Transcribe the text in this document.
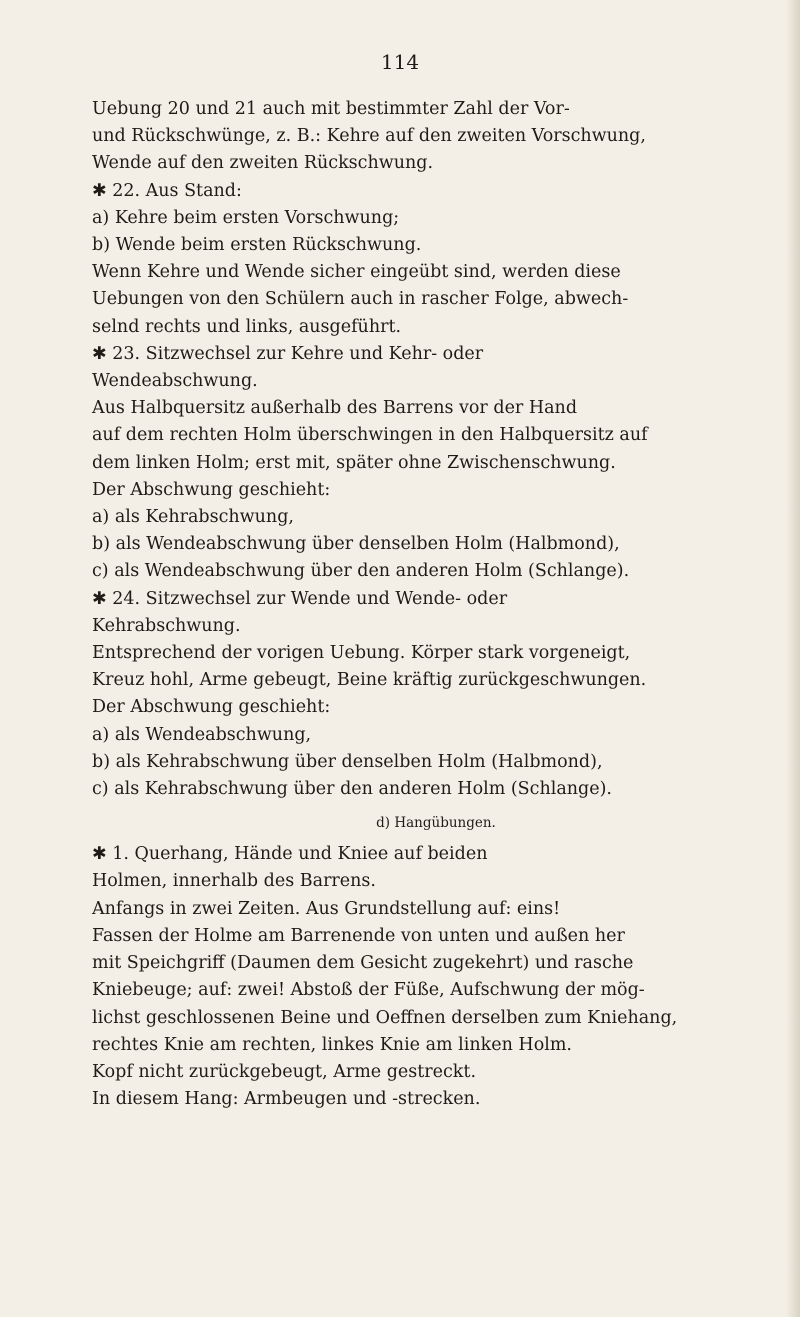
114
Uebung 20 und 21 auch mit bestimmter Zahl der Vor-
und Rückschwünge, z. B.: Kehre auf den zweiten Vorschwung,
Wende auf den zweiten Rückschwung.
✱ 22. Aus Stand:
a) Kehre beim ersten Vorschwung;
b) Wende beim ersten Rückschwung.
Wenn Kehre und Wende sicher eingeübt sind, werden diese
Uebungen von den Schülern auch in rascher Folge, abwech-
selnd rechts und links, ausgeführt.
✱ 23. Sitzwechsel zur Kehre und Kehr- oder
Wendeabschwung.
Aus Halbquersitz außerhalb des Barrens vor der Hand
auf dem rechten Holm überschwingen in den Halbquersitz auf
dem linken Holm; erst mit, später ohne Zwischenschwung.
Der Abschwung geschieht:
a) als Kehrabschwung,
b) als Wendeabschwung über denselben Holm (Halbmond),
c) als Wendeabschwung über den anderen Holm (Schlange).
✱ 24. Sitzwechsel zur Wende und Wende- oder
Kehrabschwung.
Entsprechend der vorigen Uebung. Körper stark vorgeneigt,
Kreuz hohl, Arme gebeugt, Beine kräftig zurückgeschwungen.
Der Abschwung geschieht:
a) als Wendeabschwung,
b) als Kehrabschwung über denselben Holm (Halbmond),
c) als Kehrabschwung über den anderen Holm (Schlange).
d) Hangübungen.
✱ 1. Querhang, Hände und Kniee auf beiden
Holmen, innerhalb des Barrens.
Anfangs in zwei Zeiten. Aus Grundstellung auf: eins!
Fassen der Holme am Barrenende von unten und außen her
mit Speichgriff (Daumen dem Gesicht zugekehrt) und rasche
Kniebeuge; auf: zwei! Abstoß der Füße, Aufschwung der mög-
lichst geschlossenen Beine und Oeffnen derselben zum Kniehang,
rechtes Knie am rechten, linkes Knie am linken Holm.
Kopf nicht zurückgebeugt, Arme gestreckt.
In diesem Hang: Armbeugen und -strecken.
